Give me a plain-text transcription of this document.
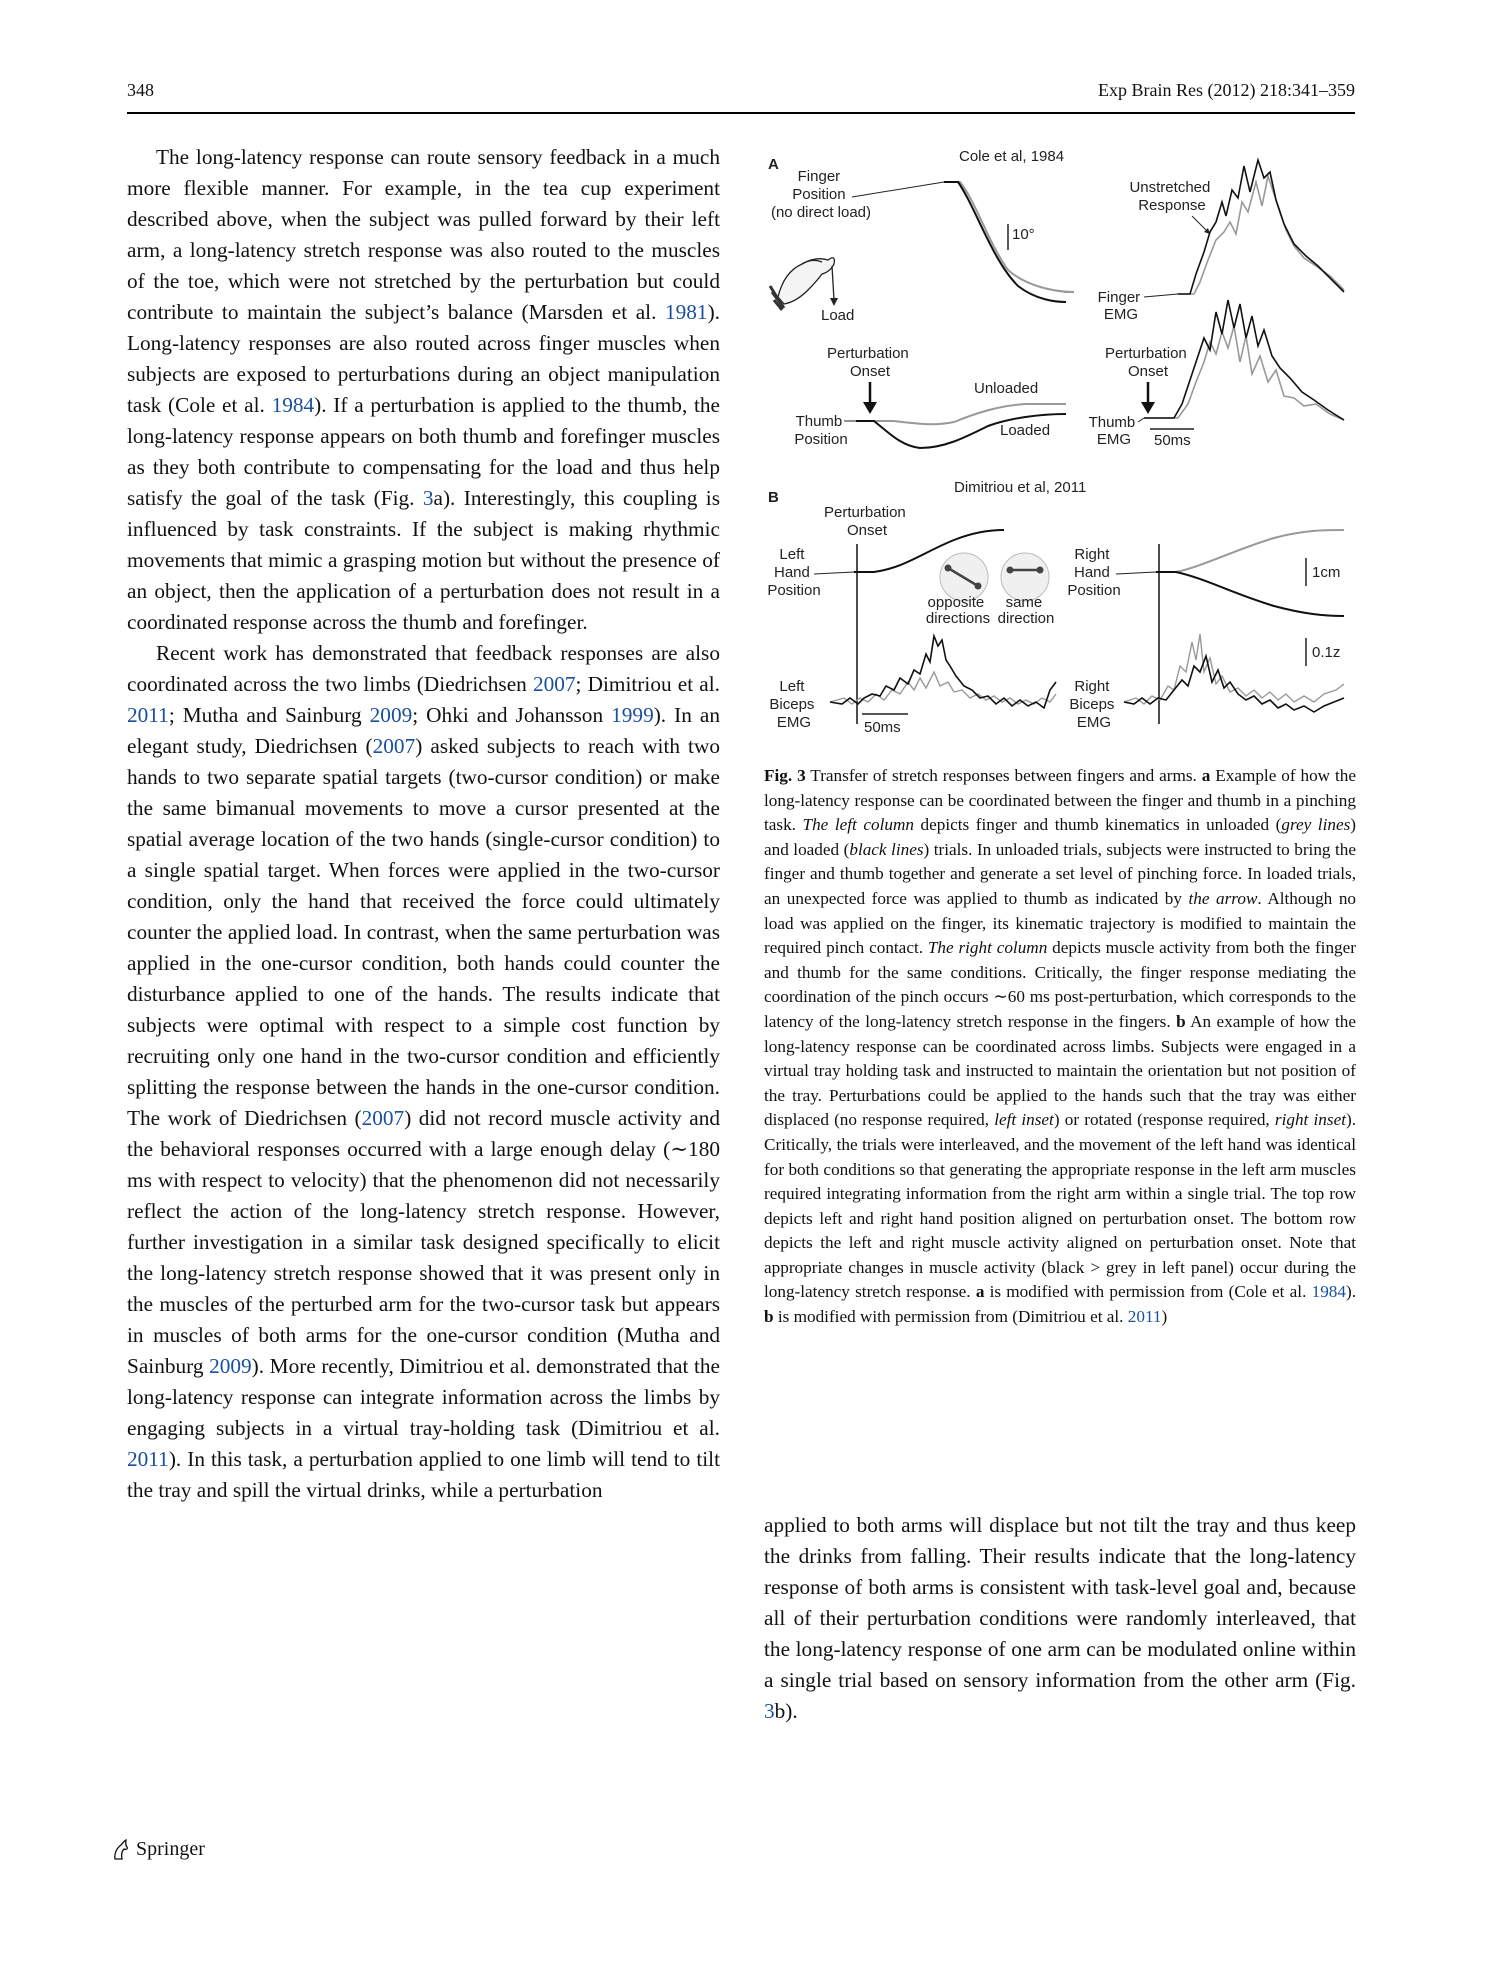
348	Exp Brain Res (2012) 218:341–359

The long-latency response can route sensory feedback in a much more flexible manner. For example, in the tea cup experiment described above, when the subject was pulled forward by their left arm, a long-latency stretch response was also routed to the muscles of the toe, which were not stretched by the perturbation but could contribute to maintain the subject’s balance (Marsden et al. 1981). Long-latency responses are also routed across finger muscles when subjects are exposed to perturbations during an object manipulation task (Cole et al. 1984). If a perturbation is applied to the thumb, the long-latency response appears on both thumb and forefinger muscles as they both contribute to compensating for the load and thus help satisfy the goal of the task (Fig. 3a). Interestingly, this coupling is influenced by task constraints. If the subject is making rhythmic movements that mimic a grasping motion but without the presence of an object, then the application of a perturbation does not result in a coordinated response across the thumb and forefinger.

Recent work has demonstrated that feedback responses are also coordinated across the two limbs (Diedrichsen 2007; Dimitriou et al. 2011; Mutha and Sainburg 2009; Ohki and Johansson 1999). In an elegant study, Diedrichsen (2007) asked subjects to reach with two hands to two separate spatial targets (two-cursor condition) or make the same bimanual movements to move a cursor presented at the spatial average location of the two hands (single-cursor condition) to a single spatial target. When forces were applied in the two-cursor condition, only the hand that received the force could ultimately counter the applied load. In contrast, when the same perturbation was applied in the one-cursor condition, both hands could counter the disturbance applied to one of the hands. The results indicate that subjects were optimal with respect to a simple cost function by recruiting only one hand in the two-cursor condition and efficiently splitting the response between the hands in the one-cursor condition. The work of Diedrichsen (2007) did not record muscle activity and the behavioral responses occurred with a large enough delay (∼180 ms with respect to velocity) that the phenomenon did not necessarily reflect the action of the long-latency stretch response. However, further investigation in a similar task designed specifically to elicit the long-latency stretch response showed that it was present only in the muscles of the perturbed arm for the two-cursor task but appears in muscles of both arms for the one-cursor condition (Mutha and Sainburg 2009). More recently, Dimitriou et al. demonstrated that the long-latency response can integrate information across the limbs by engaging subjects in a virtual tray-holding task (Dimitriou et al. 2011). In this task, a perturbation applied to one limb will tend to tilt the tray and spill the virtual drinks, while a perturbation

A	Cole et al, 1984
Finger Position (no direct load)
Load
10°
Unstretched Response
Finger EMG
Perturbation Onset
Unloaded
Loaded
Thumb Position
Perturbation Onset
Thumb EMG	50ms
B
Dimitriou et al, 2011
Perturbation Onset
Left Hand Position
opposite directions
same direction
Right Hand Position
1cm
0.1z
Left Biceps EMG	50ms
Right Biceps EMG

Fig. 3 Transfer of stretch responses between fingers and arms. a Example of how the long-latency response can be coordinated between the finger and thumb in a pinching task. The left column depicts finger and thumb kinematics in unloaded (grey lines) and loaded (black lines) trials. In unloaded trials, subjects were instructed to bring the finger and thumb together and generate a set level of pinching force. In loaded trials, an unexpected force was applied to thumb as indicated by the arrow. Although no load was applied on the finger, its kinematic trajectory is modified to maintain the required pinch contact. The right column depicts muscle activity from both the finger and thumb for the same conditions. Critically, the finger response mediating the coordination of the pinch occurs ∼60 ms post-perturbation, which corresponds to the latency of the long-latency stretch response in the fingers. b An example of how the long-latency response can be coordinated across limbs. Subjects were engaged in a virtual tray holding task and instructed to maintain the orientation but not position of the tray. Perturbations could be applied to the hands such that the tray was either displaced (no response required, left inset) or rotated (response required, right inset). Critically, the trials were interleaved, and the movement of the left hand was identical for both conditions so that generating the appropriate response in the left arm muscles required integrating information from the right arm within a single trial. The top row depicts left and right hand position aligned on perturbation onset. The bottom row depicts the left and right muscle activity aligned on perturbation onset. Note that appropriate changes in muscle activity (black > grey in left panel) occur during the long-latency stretch response. a is modified with permission from (Cole et al. 1984). b is modified with permission from (Dimitriou et al. 2011)

applied to both arms will displace but not tilt the tray and thus keep the drinks from falling. Their results indicate that the long-latency response of both arms is consistent with task-level goal and, because all of their perturbation conditions were randomly interleaved, that the long-latency response of one arm can be modulated online within a single trial based on sensory information from the other arm (Fig. 3b).

Springer
